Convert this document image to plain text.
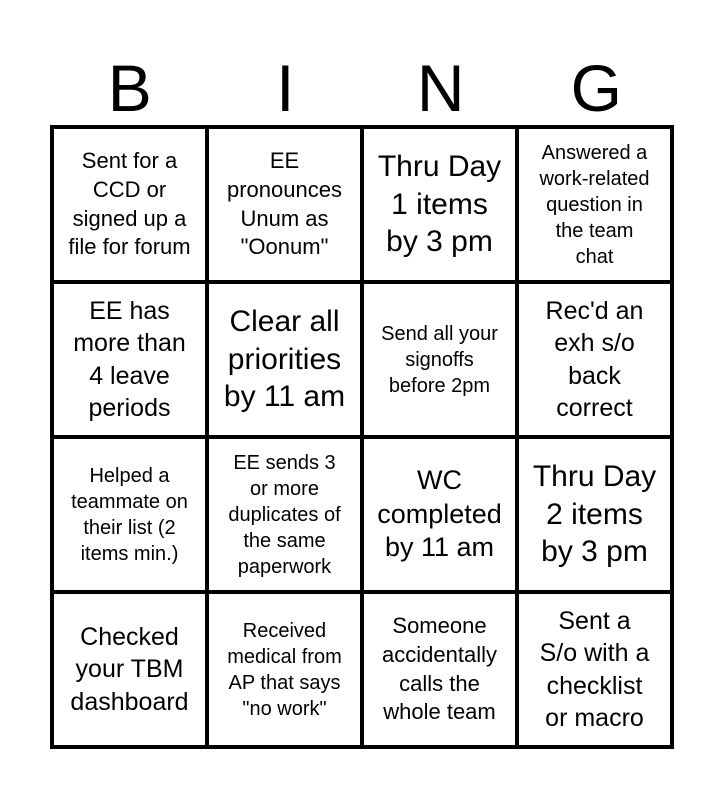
B	I	N	G
Sent for a
CCD or
signed up a
file for forum
EE
pronounces
Unum as
"Oonum"
Thru Day
1 items
by 3 pm
Answered a
work-related
question in
the team
chat
EE has
more than
4 leave
periods
Clear all
priorities
by 11 am
Send all your
signoffs
before 2pm
Rec'd an
exh s/o
back
correct
Helped a
teammate on
their list (2
items min.)
EE sends 3
or more
duplicates of
the same
paperwork
WC
completed
by 11 am
Thru Day
2 items
by 3 pm
Checked
your TBM
dashboard
Received
medical from
AP that says
"no work"
Someone
accidentally
calls the
whole team
Sent a
S/o with a
checklist
or macro
